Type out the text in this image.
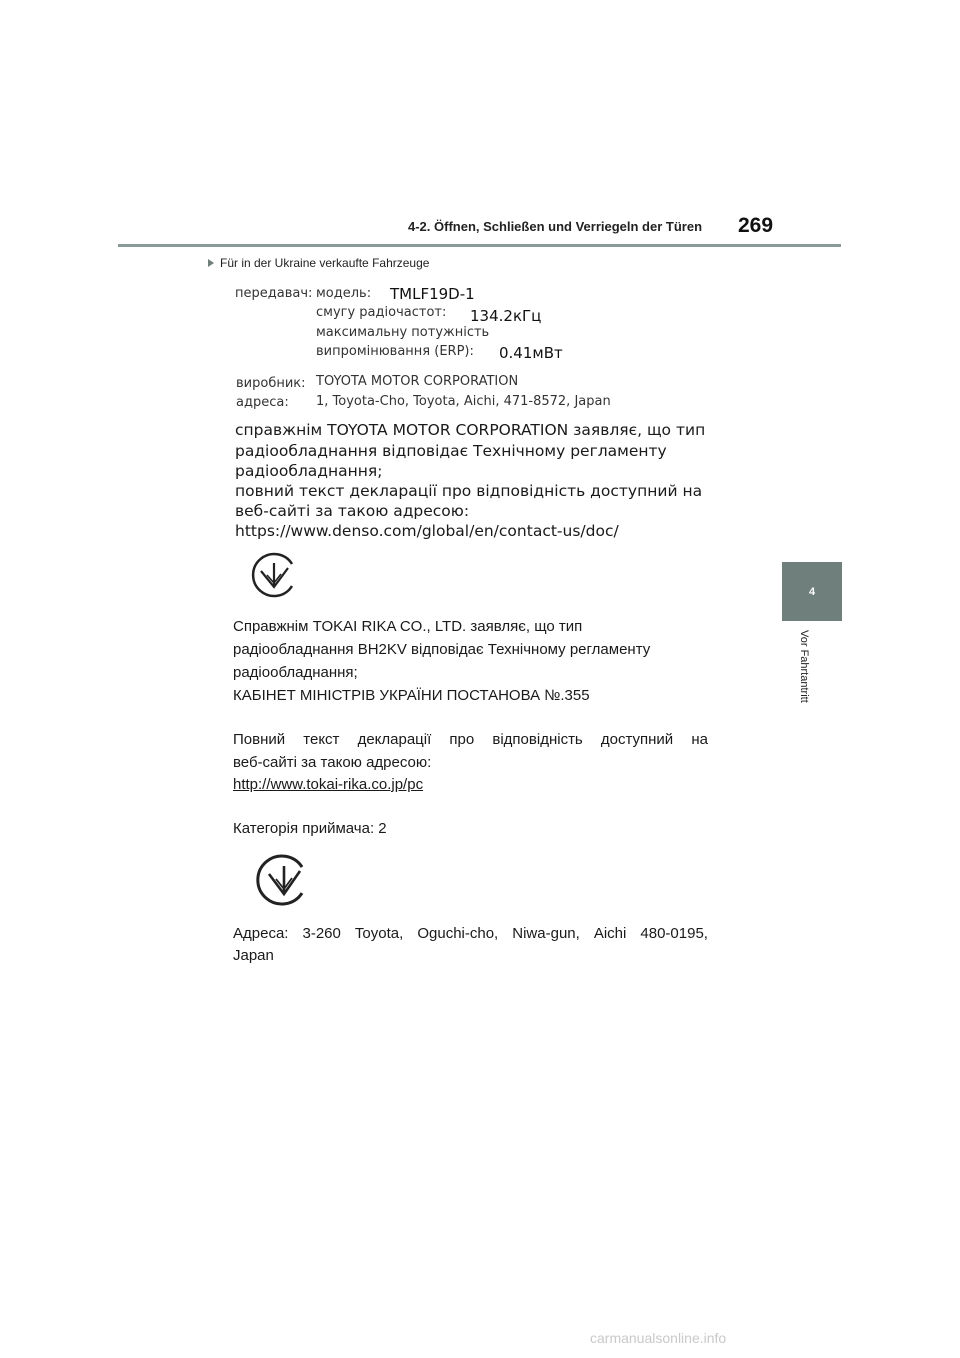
4-2. Öffnen, Schließen und Verriegeln der Türen 269
4
Vor Fahrtantritt
Für in der Ukraine verkaufte Fahrzeuge
передавач: модель: TMLF19D-1
смугу радіочастот: 134.2кГц
максимальну потужність
випромінювання (ERP): 0.41мВт
виробник: TOYOTA MOTOR CORPORATION
адреса: 1, Toyota-Cho, Toyota, Aichi, 471-8572, Japan
справжнім TOYOTA MOTOR CORPORATION заявляє, що тип
радіообладнання відповідає Технічному регламенту
радіообладнання;
повний текст декларації про відповідність доступний на
веб-сайті за такою адресою:
https://www.denso.com/global/en/contact-us/doc/
Справжнім TOKAI RIKA CO., LTD. заявляє, що тип
радіообладнання BH2KV відповідає Технічному регламенту
радіообладнання;
КАБІНЕТ МІНІСТРІВ УКРАЇНИ ПОСТАНОВА №.355
Повний текст декларації про відповідність доступний на
веб-сайті за такою адресою:
http://www.tokai-rika.co.jp/pc
Категорія приймача: 2
Адреса: 3-260 Toyota, Oguchi-cho, Niwa-gun, Aichi 480-0195,
Japan
carmanualsonline.info
